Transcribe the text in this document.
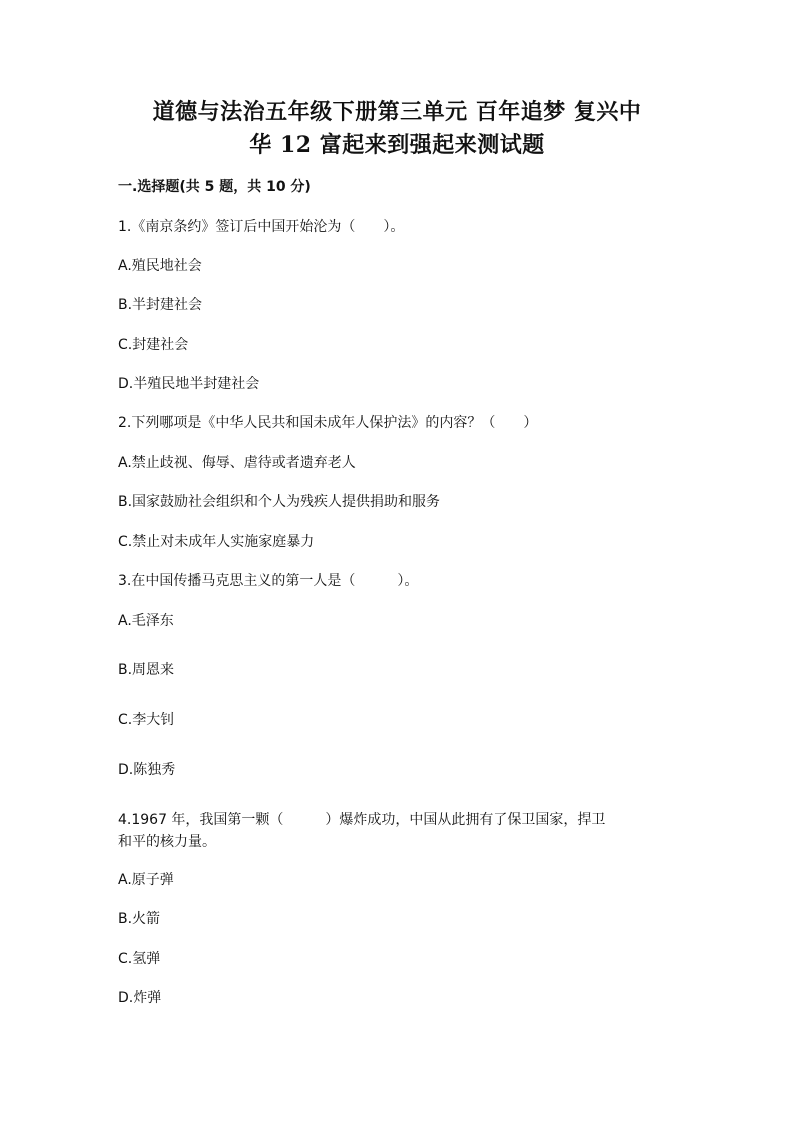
道德与法治五年级下册第三单元 百年追梦 复兴中
华 12 富起来到强起来测试题
一.选择题(共 5 题，共 10 分)
1.《南京条约》签订后中国开始沦为（　　）。
A.殖民地社会
B.半封建社会
C.封建社会
D.半殖民地半封建社会
2.下列哪项是《中华人民共和国未成年人保护法》的内容？（　　）
A.禁止歧视、侮辱、虐待或者遗弃老人
B.国家鼓励社会组织和个人为残疾人提供捐助和服务
C.禁止对未成年人实施家庭暴力
3.在中国传播马克思主义的第一人是（　　　）。
A.毛泽东
B.周恩来
C.李大钊
D.陈独秀
4.1967 年，我国第一颗（　　　）爆炸成功，中国从此拥有了保卫国家，捍卫
和平的核力量。
A.原子弹
B.火箭
C.氢弹
D.炸弹
